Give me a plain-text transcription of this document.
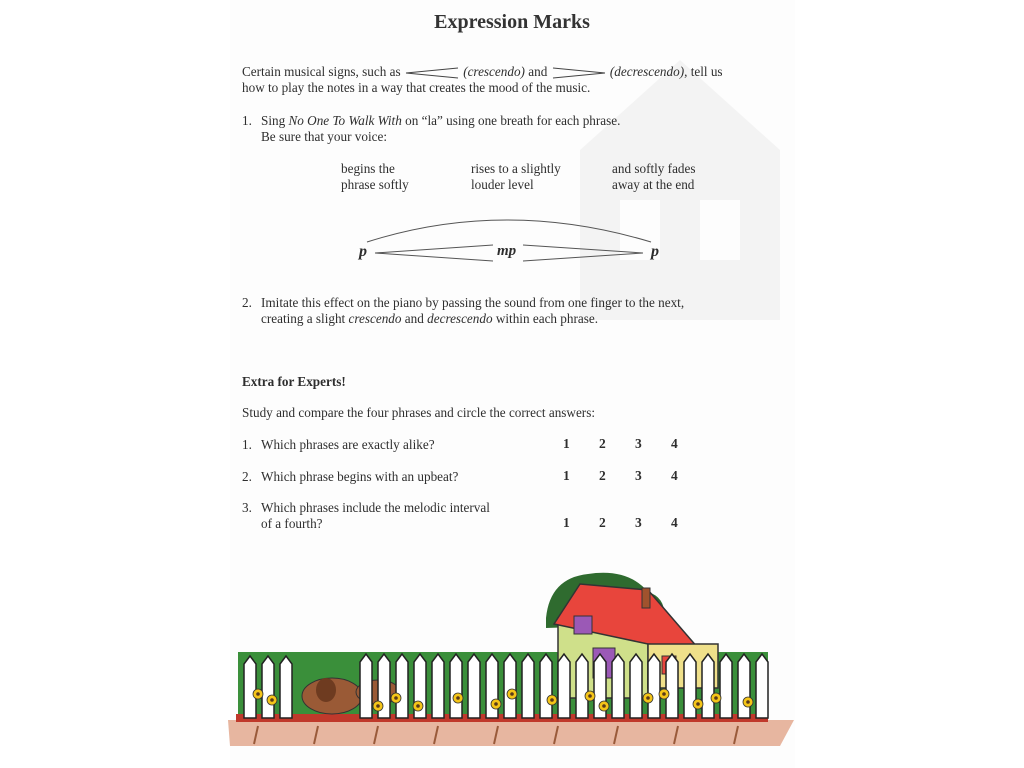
Expression Marks
Certain musical signs, such as	(crescendo) and	(decrescendo), tell us
how to play the notes in a way that creates the mood of the music.
1. Sing No One To Walk With on “la” using one breath for each phrase.
Be sure that your voice:
begins the
phrase softly
rises to a slightly
louder level
and softly fades
away at the end
p	mp	p
2. Imitate this effect on the piano by passing the sound from one finger to the next,
creating a slight crescendo and decrescendo within each phrase.
Extra for Experts!
Study and compare the four phrases and circle the correct answers:
1. Which phrases are exactly alike?	1 2 3 4
2. Which phrase begins with an upbeat?	1 2 3 4
3. Which phrases include the melodic interval
of a fourth?	1 2 3 4
